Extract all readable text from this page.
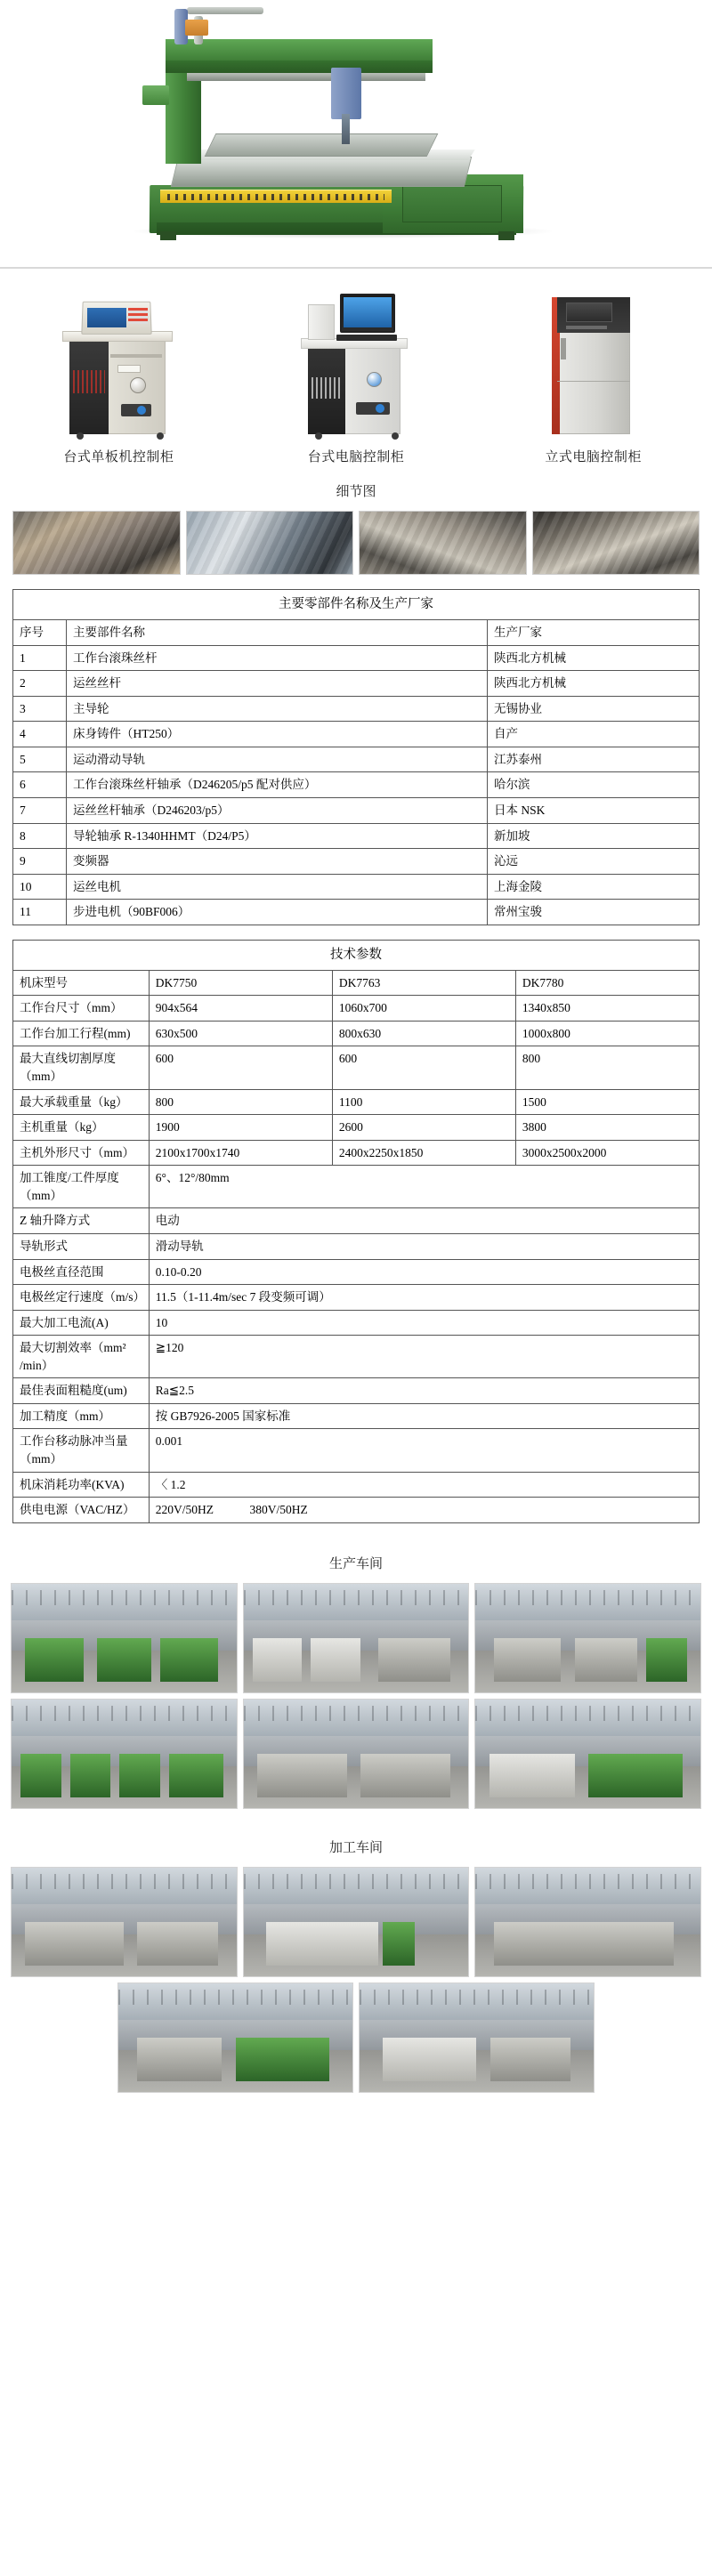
台式单板机控制柜	台式电脑控制柜	立式电脑控制柜
细节图
主要零部件名称及生产厂家		
序号	主要部件名称	生产厂家
1	工作台滚珠丝杆	陕西北方机械
2	运丝丝杆	陕西北方机械
3	主导轮	无锡协业
4	床身铸件（HT250）	自产
5	运动滑动导轨	江苏泰州
6	工作台滚珠丝杆轴承（D246205/p5 配对供应）	哈尔滨
7	运丝丝杆轴承（D246203/p5）	日本 NSK
8	导轮轴承 R-1340HHMT（D24/P5）	新加坡
9	变频器	沁远
10	运丝电机	上海金陵
11	步进电机（90BF006）	常州宝骏
技术参数			
机床型号	DK7750	DK7763	DK7780
工作台尺寸（mm）	904x564	1060x700	1340x850
工作台加工行程(mm)	630x500	800x630	1000x800
最大直线切割厚度（mm）	600	600	800
最大承载重量（kg）	800	1100	1500
主机重量（kg）	1900	2600	3800
主机外形尺寸（mm）	2100x1700x1740	2400x2250x1850	3000x2500x2000
加工锥度/工件厚度（mm）	6°、12°/80mm		
Z 轴升降方式	电动		
导轨形式	滑动导轨		
电极丝直径范围	0.10-0.20		
电极丝定行速度（m/s）	11.5（1-11.4m/sec 7 段变频可调）		
最大加工电流(A)	10		
最大切割效率（mm² /min）	≧120		
最佳表面粗糙度(um)	Ra≦2.5		
加工精度（mm）	按 GB7926-2005 国家标准		
工作台移动脉冲当量（mm）	0.001		
机床消耗功率(KVA)	〈 1.2		
供电电源（VAC/HZ）	220V/50HZ            380V/50HZ		
生产车间
加工车间
